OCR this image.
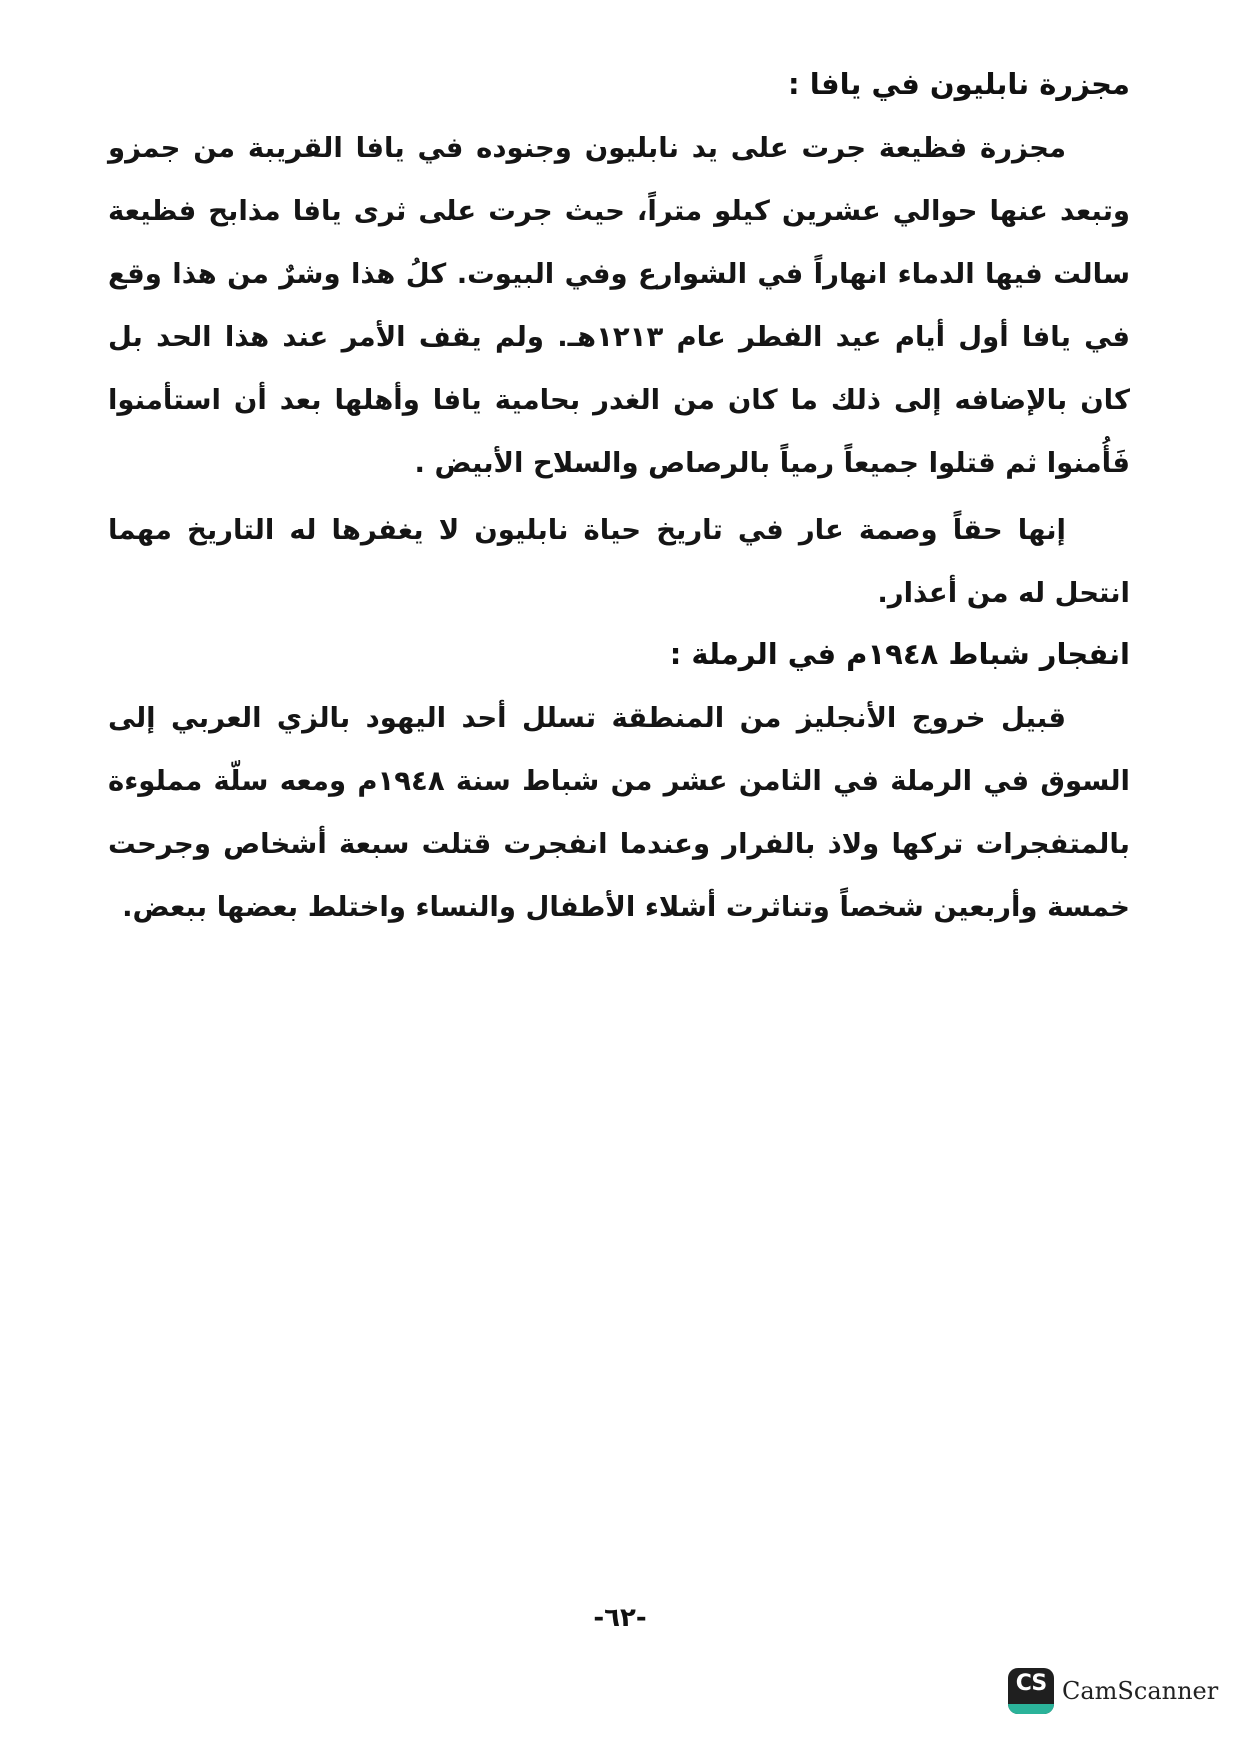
مجزرة نابليون في يافا :

مجزرة فظيعة جرت على يد نابليون وجنوده في يافا القريبة من جمزو وتبعد عنها حوالي عشرين كيلو متراً، حيث جرت على ثرى يافا مذابح فظيعة سالت فيها الدماء انهاراً في الشوارع وفي البيوت. كلُ هذا وشرٌ من هذا وقع في يافا أول أيام عيد الفطر عام ١٢١٣هـ. ولم يقف الأمر عند هذا الحد بل كان بالإضافه إلى ذلك ما كان من الغدر بحامية يافا وأهلها بعد أن استأمنوا فَأُمنوا ثم قتلوا جميعاً رمياً بالرصاص والسلاح الأبيض .

إنها حقاً وصمة عار في تاريخ حياة نابليون لا يغفرها له التاريخ مهما انتحل له من أعذار.

انفجار شباط ١٩٤٨م في الرملة :

قبيل خروج الأنجليز من المنطقة تسلل أحد اليهود بالزي العربي إلى السوق في الرملة في الثامن عشر من شباط سنة ١٩٤٨م ومعه سلّة مملوءة بالمتفجرات تركها ولاذ بالفرار وعندما انفجرت قتلت سبعة أشخاص وجرحت خمسة وأربعين شخصاً وتناثرت أشلاء الأطفال والنساء واختلط بعضها ببعض.

-٦٢-
CS CamScanner
